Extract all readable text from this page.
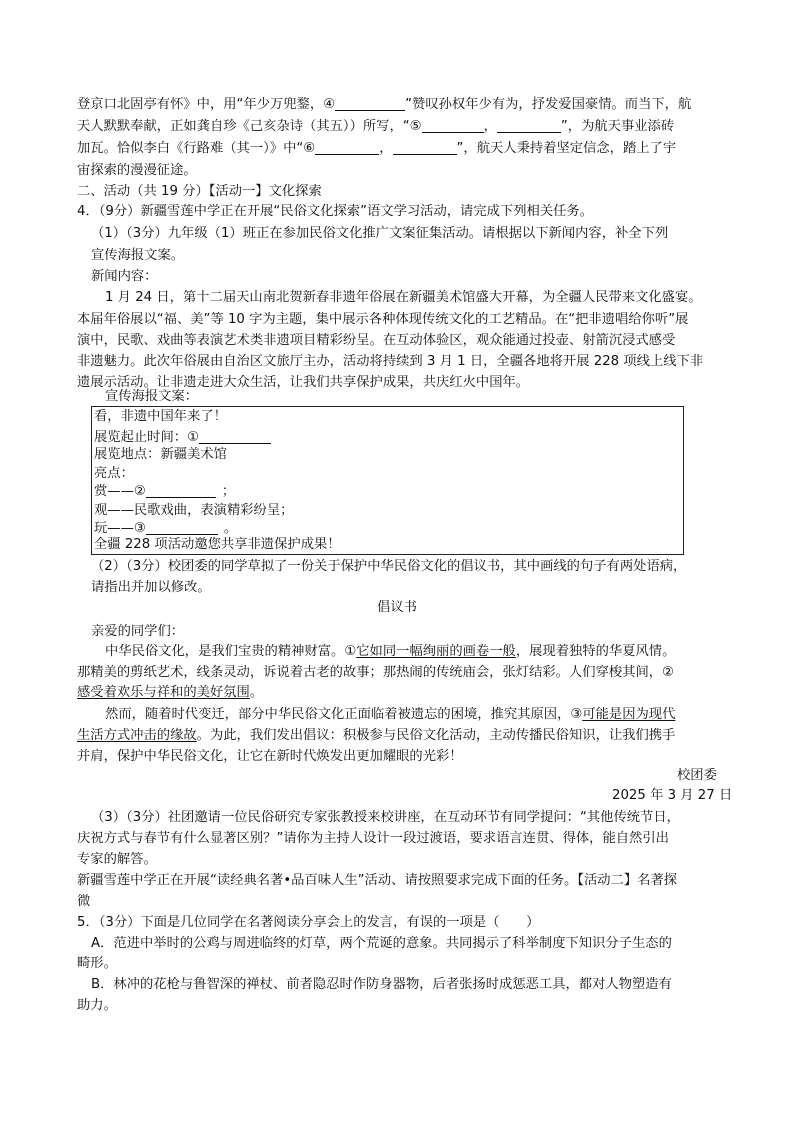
登京口北固亭有怀》中，用“年少万兜鍪，④	”赞叹孙权年少有为，抒发爱国豪情。而当下，航
天人默默奉献，正如龚自珍《己亥杂诗（其五））所写，“⑤	，	”，为航天事业添砖
加瓦。恰似李白《行路难（其一）》中“⑥	，	”，航天人秉持着坚定信念，踏上了宇
宙探索的漫漫征途。
二、活动（共 19 分）【活动一】文化探索
4．（9分）新疆雪莲中学正在开展“民俗文化探索”语文学习活动，请完成下列相关任务。
（1）（3分）九年级（1）班正在参加民俗文化推广文案征集活动。请根据以下新闻内容，补全下列
宣传海报文案。
新闻内容：
1 月 24 日，第十二届天山南北贺新春非遗年俗展在新疆美术馆盛大开幕，为全疆人民带来文化盛宴。
本届年俗展以“福、美”等 10 字为主题，集中展示各种体现传统文化的工艺精品。在“把非遗唱给你听”展
演中，民歌、戏曲等表演艺术类非遗项目精彩纷呈。在互动体验区，观众能通过投壶、射箭沉浸式感受
非遗魅力。此次年俗展由自治区文旅厅主办，活动将持续到 3 月 1 日，全疆各地将开展 228 项线上线下非
遗展示活动。让非遗走进大众生活，让我们共享保护成果，共庆红火中国年。
宣传海报文案：
看，非遗中国年来了！
展览起止时间：①
展览地点：新疆美术馆
亮点：
赏——②	；
观——民歌戏曲，表演精彩纷呈；
玩——③	。
全疆 228 项活动邀您共享非遗保护成果！
（2）（3分）校团委的同学草拟了一份关于保护中华民俗文化的倡议书，其中画线的句子有两处语病，
请指出并加以修改。
倡议书
亲爱的同学们：
中华民俗文化，是我们宝贵的精神财富。①它如同一幅绚丽的画卷一般，展现着独特的华夏风情。
那精美的剪纸艺术，线条灵动，诉说着古老的故事；那热闹的传统庙会，张灯结彩。人们穿梭其间，②
感受着欢乐与祥和的美好氛围。
然而，随着时代变迁，部分中华民俗文化正面临着被遗忘的困境，推究其原因，③可能是因为现代
生活方式冲击的缘故。为此，我们发出倡议：积极参与民俗文化活动，主动传播民俗知识，让我们携手
并肩，保护中华民俗文化，让它在新时代焕发出更加耀眼的光彩！
校团委
2025 年 3 月 27 日
（3）（3分）社团邀请一位民俗研究专家张教授来校讲座，在互动环节有同学提问：“其他传统节日，
庆祝方式与春节有什么显著区别？”请你为主持人设计一段过渡语，要求语言连贯、得体，能自然引出
专家的解答。
新疆雪莲中学正在开展“读经典名著•品百味人生”活动、请按照要求完成下面的任务。【活动二】名著探
微
5．（3分）下面是几位同学在名著阅读分享会上的发言，有误的一项是（　　）
A．范进中举时的公鸡与周进临终的灯草，两个荒诞的意象。共同揭示了科举制度下知识分子生态的
畸形。
B．林冲的花枪与鲁智深的禅杖、前者隐忍时作防身器物，后者张扬时成惩恶工具，都对人物塑造有
助力。
